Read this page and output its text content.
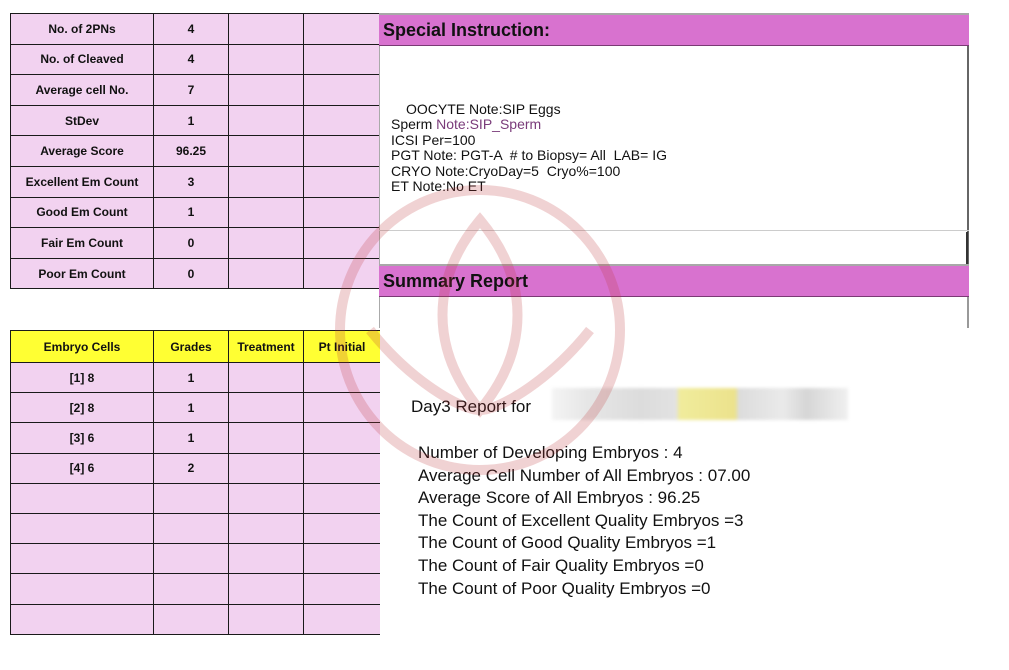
No. of 2PNs	4		
No. of Cleaved	4		
Average cell No.	7		
StDev	1		
Average Score	96.25		
Excellent Em Count	3		
Good Em Count	1		
Fair Em Count	0		
Poor Em Count	0		
Embryo Cells	Grades	Treatment	Pt Initial
[1] 8	1		
[2] 8	1		
[3] 6	1		
[4] 6	2		

Special Instruction:
OOCYTE Note:SIP Eggs
Sperm Note:SIP_Sperm
ICSI Per=100
PGT Note: PGT-A  # to Biopsy= All  LAB= IG
CRYO Note:CryoDay=5  Cryo%=100
ET Note:No ET
Summary Report
Day3 Report for
Number of Developing Embryos : 4
Average Cell Number of All Embryos : 07.00
Average Score of All Embryos : 96.25
The Count of Excellent Quality Embryos =3
The Count of Good Quality Embryos =1
The Count of Fair Quality Embryos =0
The Count of Poor Quality Embryos =0
